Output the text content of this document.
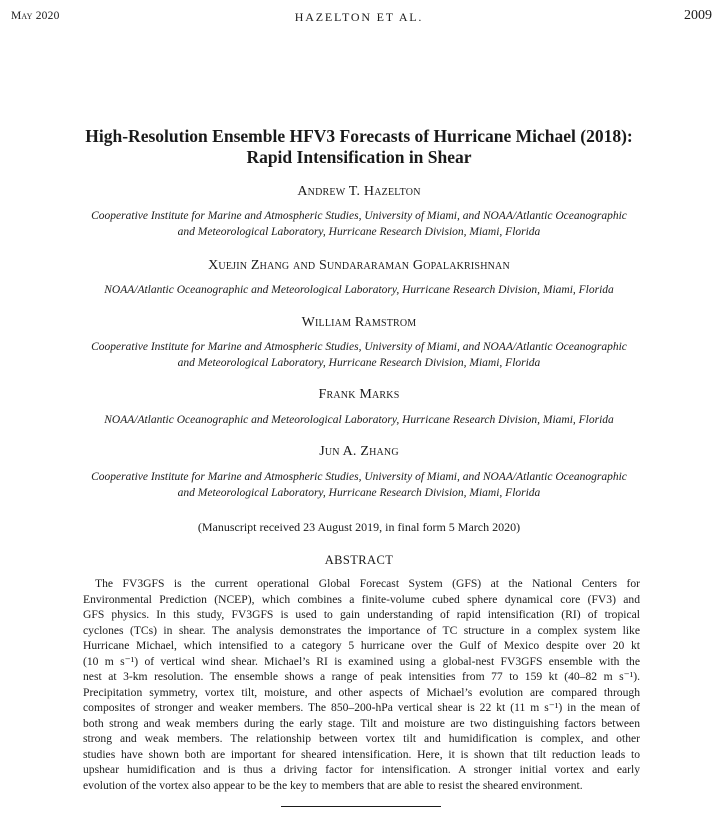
May 2020	HAZELTON ET AL.	2009
High-Resolution Ensemble HFV3 Forecasts of Hurricane Michael (2018):
Rapid Intensification in Shear
Andrew T. Hazelton
Cooperative Institute for Marine and Atmospheric Studies, University of Miami, and NOAA/Atlantic Oceanographic
and Meteorological Laboratory, Hurricane Research Division, Miami, Florida
Xuejin Zhang and Sundararaman Gopalakrishnan
NOAA/Atlantic Oceanographic and Meteorological Laboratory, Hurricane Research Division, Miami, Florida
William Ramstrom
Cooperative Institute for Marine and Atmospheric Studies, University of Miami, and NOAA/Atlantic Oceanographic
and Meteorological Laboratory, Hurricane Research Division, Miami, Florida
Frank Marks
NOAA/Atlantic Oceanographic and Meteorological Laboratory, Hurricane Research Division, Miami, Florida
Jun A. Zhang
Cooperative Institute for Marine and Atmospheric Studies, University of Miami, and NOAA/Atlantic Oceanographic
and Meteorological Laboratory, Hurricane Research Division, Miami, Florida
(Manuscript received 23 August 2019, in final form 5 March 2020)
ABSTRACT
The FV3GFS is the current operational Global Forecast System (GFS) at the National Centers for
Environmental Prediction (NCEP), which combines a finite-volume cubed sphere dynamical core (FV3) and
GFS physics. In this study, FV3GFS is used to gain understanding of rapid intensification (RI) of tropical
cyclones (TCs) in shear. The analysis demonstrates the importance of TC structure in a complex system like
Hurricane Michael, which intensified to a category 5 hurricane over the Gulf of Mexico despite over 20 kt
(10 m s⁻¹) of vertical wind shear. Michael’s RI is examined using a global-nest FV3GFS ensemble with the
nest at 3-km resolution. The ensemble shows a range of peak intensities from 77 to 159 kt (40–82 m s⁻¹).
Precipitation symmetry, vortex tilt, moisture, and other aspects of Michael’s evolution are compared through
composites of stronger and weaker members. The 850–200-hPa vertical shear is 22 kt (11 m s⁻¹) in the mean of
both strong and weak members during the early stage. Tilt and moisture are two distinguishing factors between
strong and weak members. The relationship between vortex tilt and humidification is complex, and other
studies have shown both are important for sheared intensification. Here, it is shown that tilt reduction leads to
upshear humidification and is thus a driving factor for intensification. A stronger initial vortex and early
evolution of the vortex also appear to be the key to members that are able to resist the sheared environment.
